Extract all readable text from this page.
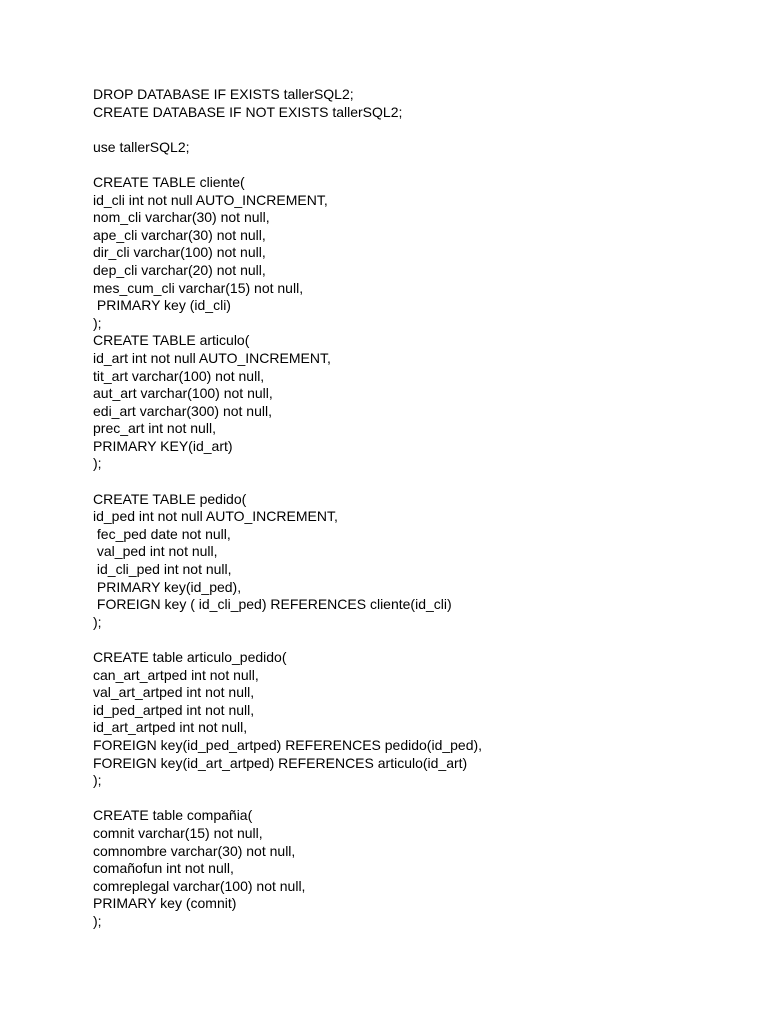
DROP DATABASE IF EXISTS tallerSQL2;
CREATE DATABASE IF NOT EXISTS tallerSQL2;
use tallerSQL2;
CREATE TABLE cliente(
id_cli int not null AUTO_INCREMENT,
nom_cli varchar(30) not null,
ape_cli varchar(30) not null,
dir_cli varchar(100) not null,
dep_cli varchar(20) not null,
mes_cum_cli varchar(15) not null,
PRIMARY key (id_cli)
);
CREATE TABLE articulo(
id_art int not null AUTO_INCREMENT,
tit_art varchar(100) not null,
aut_art varchar(100) not null,
edi_art varchar(300) not null,
prec_art int not null,
PRIMARY KEY(id_art)
);
CREATE TABLE pedido(
id_ped int not null AUTO_INCREMENT,
fec_ped date not null,
val_ped int not null,
id_cli_ped int not null,
PRIMARY key(id_ped),
FOREIGN key ( id_cli_ped) REFERENCES cliente(id_cli)
);
CREATE table articulo_pedido(
can_art_artped int not null,
val_art_artped int not null,
id_ped_artped int not null,
id_art_artped int not null,
FOREIGN key(id_ped_artped) REFERENCES pedido(id_ped),
FOREIGN key(id_art_artped) REFERENCES articulo(id_art)
);
CREATE table compañia(
comnit varchar(15) not null,
comnombre varchar(30) not null,
comañofun int not null,
comreplegal varchar(100) not null,
PRIMARY key (comnit)
);
